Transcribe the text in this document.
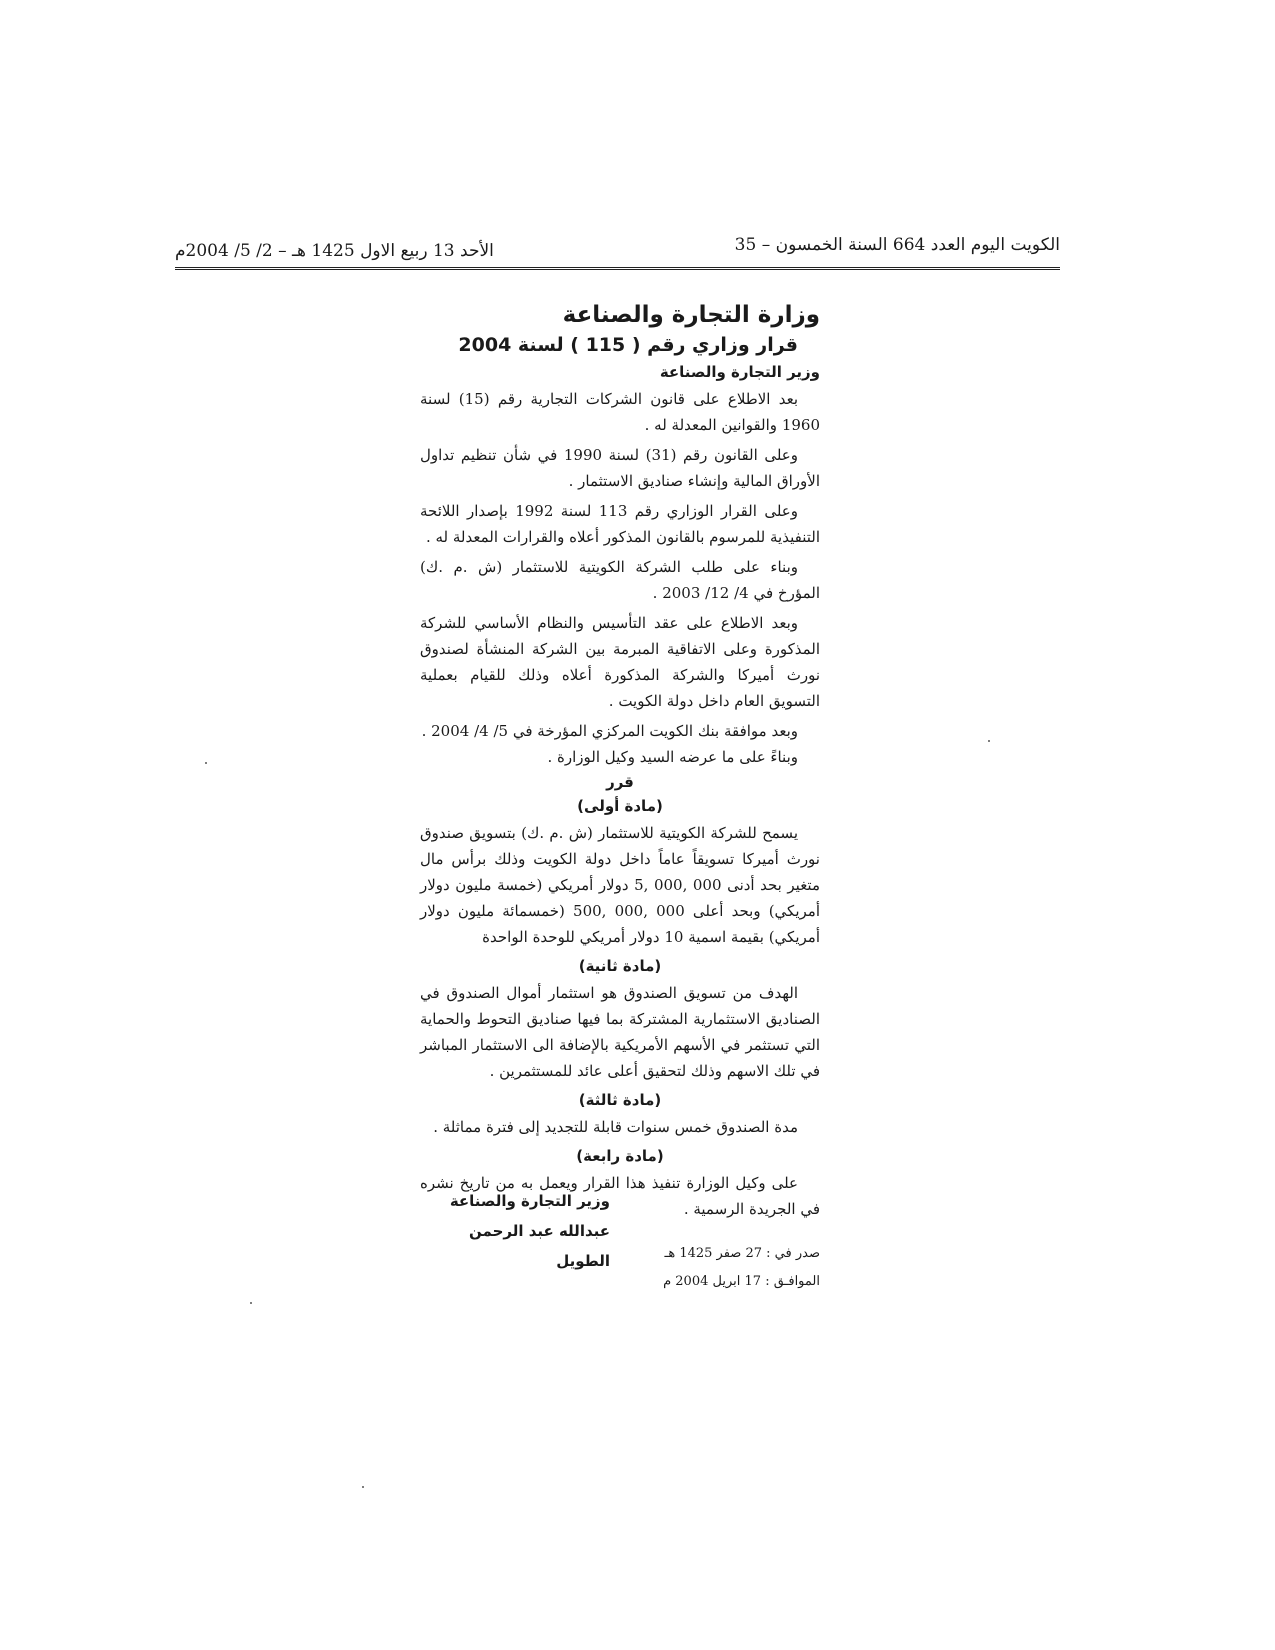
الكويت اليوم العدد 664 السنة الخمسون – 35
الأحد 13 ربيع الاول 1425 هـ – 2/ 5/ 2004م
وزارة التجارة والصناعة
قرار وزاري رقم ( 115 ) لسنة 2004
وزير التجارة والصناعة

بعد الاطلاع على قانون الشركات التجارية رقم (15) لسنة 1960 والقوانين المعدلة له .

وعلى القانون رقم (31) لسنة 1990 في شأن تنظيم تداول الأوراق المالية وإنشاء صناديق الاستثمار .

وعلى القرار الوزاري رقم 113 لسنة 1992 بإصدار اللائحة التنفيذية للمرسوم بالقانون المذكور أعلاه والقرارات المعدلة له .

وبناء على طلب الشركة الكويتية للاستثمار (ش .م .ك) المؤرخ في 4/ 12/ 2003 .

وبعد الاطلاع على عقد التأسيس والنظام الأساسي للشركة المذكورة وعلى الاتفاقية المبرمة بين الشركة المنشأة لصندوق نورث أميركا والشركة المذكورة أعلاه وذلك للقيام بعملية التسويق العام داخل دولة الكويت .

وبعد موافقة بنك الكويت المركزي المؤرخة في 5/ 4/ 2004 .

وبناءً على ما عرضه السيد وكيل الوزارة .

قرر
(مادة أولى)

يسمح للشركة الكويتية للاستثمار (ش .م .ك) بتسويق صندوق نورث أميركا تسويقاً عاماً داخل دولة الكويت وذلك برأس مال متغير بحد أدنى 000 ,000 ,5 دولار أمريكي (خمسة مليون دولار أمريكي) وبحد أعلى 000 ,000 ,500 (خمسمائة مليون دولار أمريكي) بقيمة اسمية 10 دولار أمريكي للوحدة الواحدة

(مادة ثانية)

الهدف من تسويق الصندوق هو استثمار أموال الصندوق في الصناديق الاستثمارية المشتركة بما فيها صناديق التحوط والحماية التي تستثمر في الأسهم الأمريكية بالإضافة الى الاستثمار المباشر في تلك الاسهم وذلك لتحقيق أعلى عائد للمستثمرين .

(مادة ثالثة)

مدة الصندوق خمس سنوات قابلة للتجديد إلى فترة مماثلة .

(مادة رابعة)

على وكيل الوزارة تنفيذ هذا القرار ويعمل به من تاريخ نشره في الجريدة الرسمية .

وزير التجارة والصناعة
عبدالله عبد الرحمن الطويل	صدر في : 27 صفر 1425 هـ
الموافـق : 17 ابريل 2004 م
